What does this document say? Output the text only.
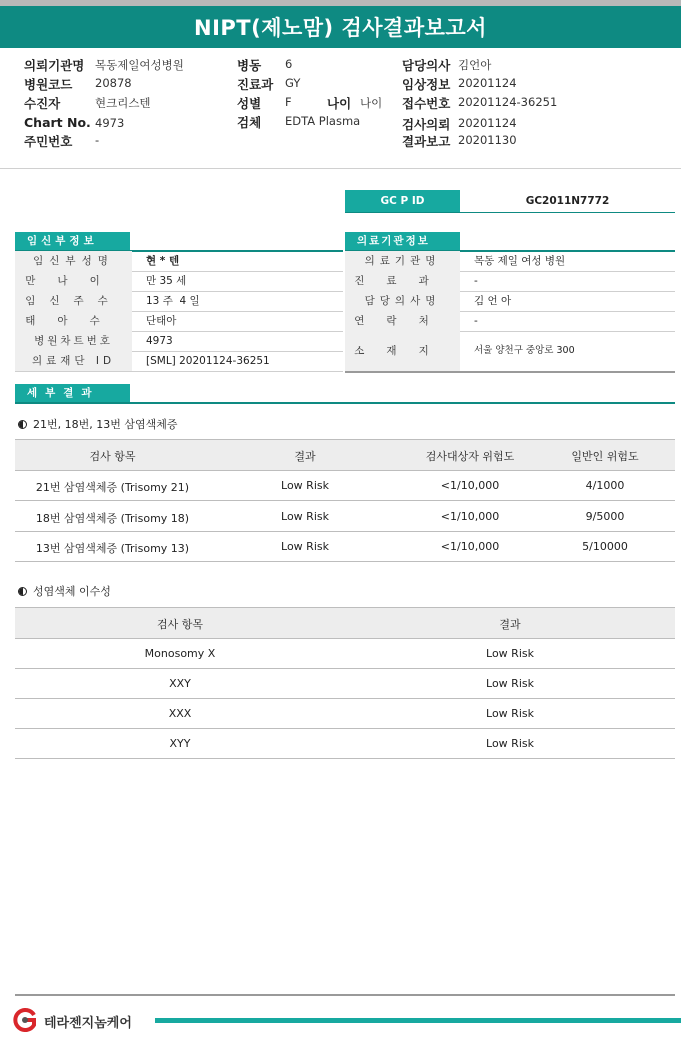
NIPT(제노맘) 검사결과보고서
의뢰기관명 목동제일여성병원
병원코드 20878
수진자	현크리스텐
Chart No. 4973
주민번호 -
병동 6
진료과 GY
성별 F	나이 나이
검체 EDTA Plasma
담당의사 김언아
임상정보 20201124
접수번호 20201124-36251
검사의뢰 20201124
결과보고 20201130
GC P ID	GC2011N7772
임신부정보
임신부성명	현 * 텐
만나이	만 35 세
임신주수	13 주  4 일
태아수	단태아
병원차트번호	4973
의료재단 ID	[SML] 20201124-36251
의료기관정보
의료기관명	목동 제일 여성 병원
진료과	-
담당의사명	김 언 아
연락처	-
소재지	서울 양천구 중앙로 300
세부결과
21번, 18번, 13번 삼염색체증
검사 항목	결과	검사대상자 위험도	일반인 위험도
21번 삼염색체증 (Trisomy 21)	Low Risk	<1/10,000	4/1000
18번 삼염색체증 (Trisomy 18)	Low Risk	<1/10,000	9/5000
13번 삼염색체증 (Trisomy 13)	Low Risk	<1/10,000	5/10000
성염색체 이수성
검사 항목	결과
Monosomy X	Low Risk
XXY	Low Risk
XXX	Low Risk
XYY	Low Risk
테라젠지놈케어
